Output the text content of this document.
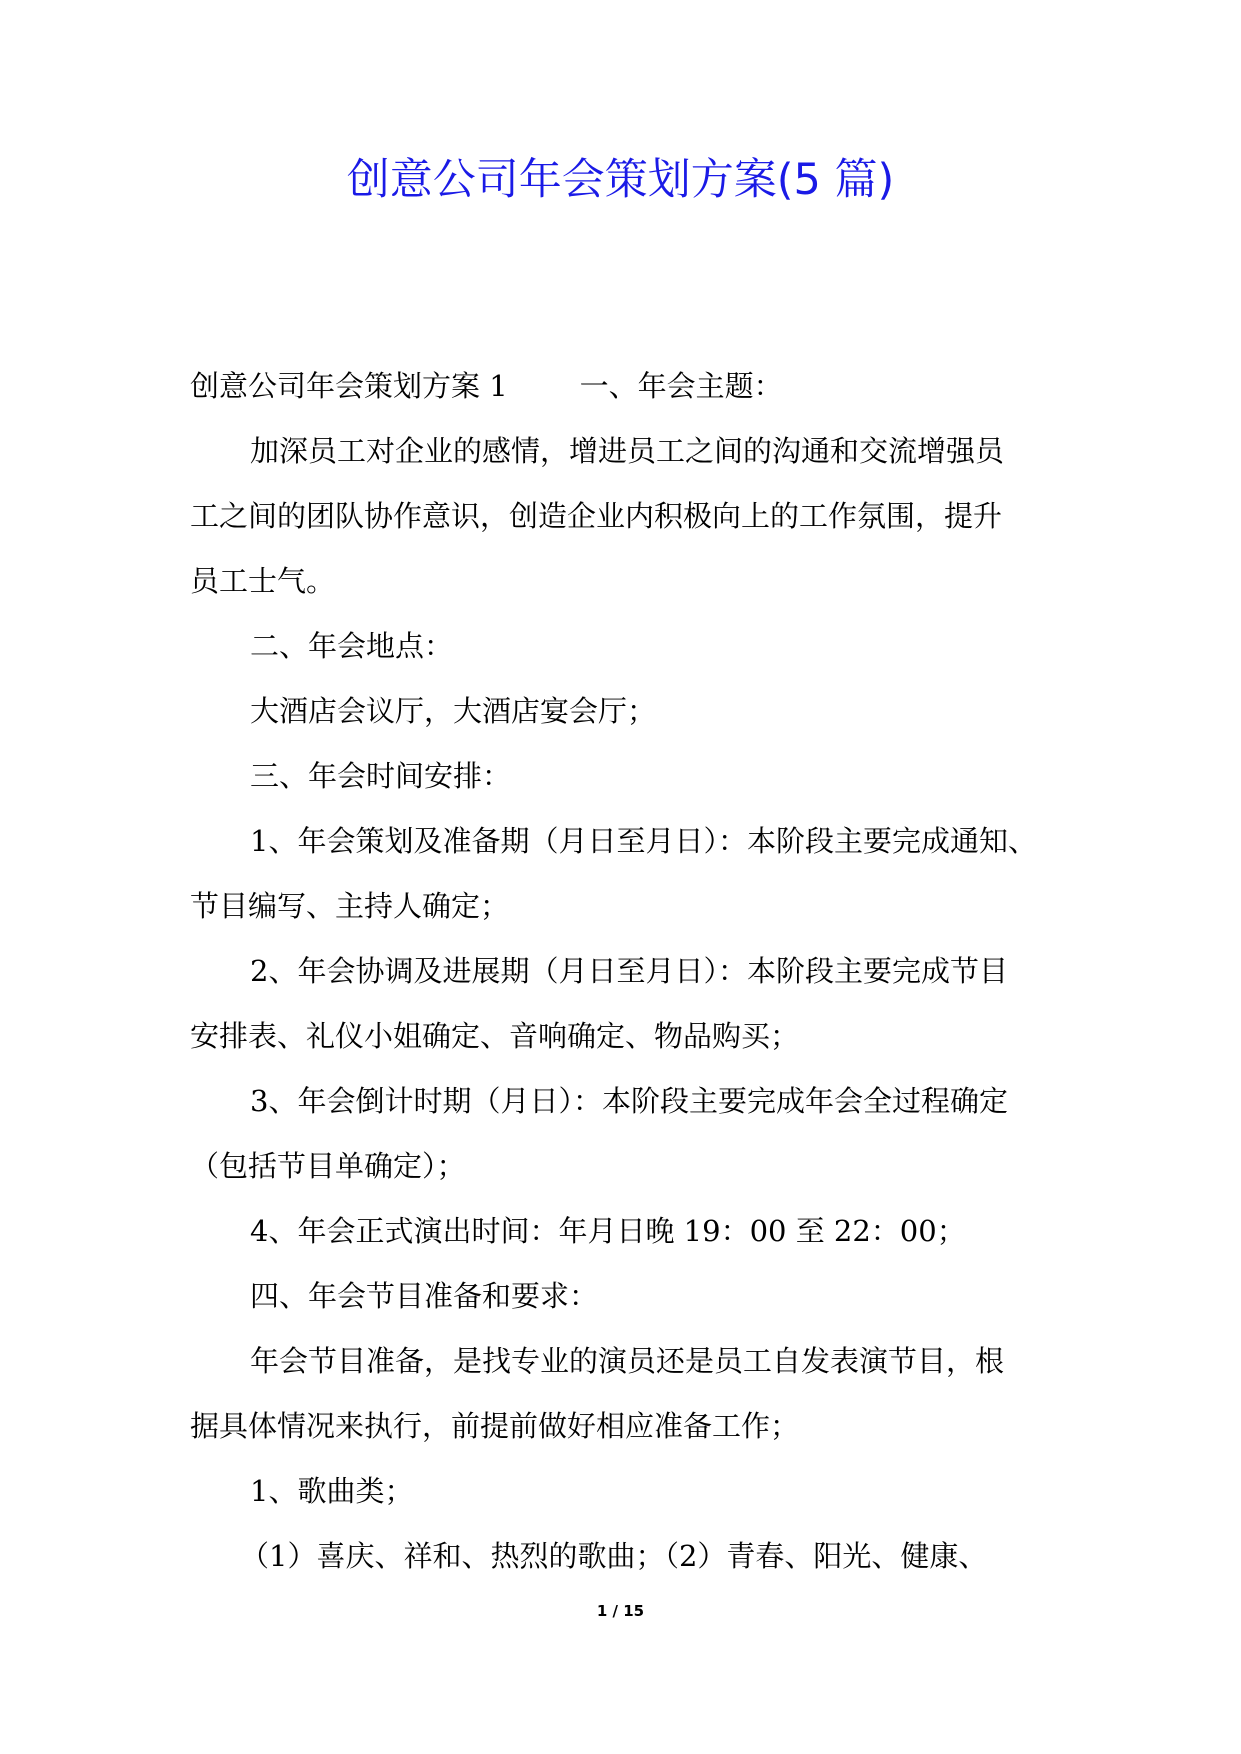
创意公司年会策划方案(5 篇)
创意公司年会策划方案 1 一、年会主题：
加深员工对企业的感情，增进员工之间的沟通和交流增强员
工之间的团队协作意识，创造企业内积极向上的工作氛围，提升
员工士气。
二、年会地点：
大酒店会议厅，大酒店宴会厅；
三、年会时间安排：
1、年会策划及准备期（月日至月日）：本阶段主要完成通知、
节目编写、主持人确定；
2、年会协调及进展期（月日至月日）：本阶段主要完成节目
安排表、礼仪小姐确定、音响确定、物品购买；
3、年会倒计时期（月日）：本阶段主要完成年会全过程确定
（包括节目单确定）；
4、年会正式演出时间：年月日晚 19：00 至 22：00；
四、年会节目准备和要求：
年会节目准备，是找专业的演员还是员工自发表演节目，根
据具体情况来执行，前提前做好相应准备工作；
1、歌曲类；
（1）喜庆、祥和、热烈的歌曲；（2）青春、阳光、健康、
1 / 15
